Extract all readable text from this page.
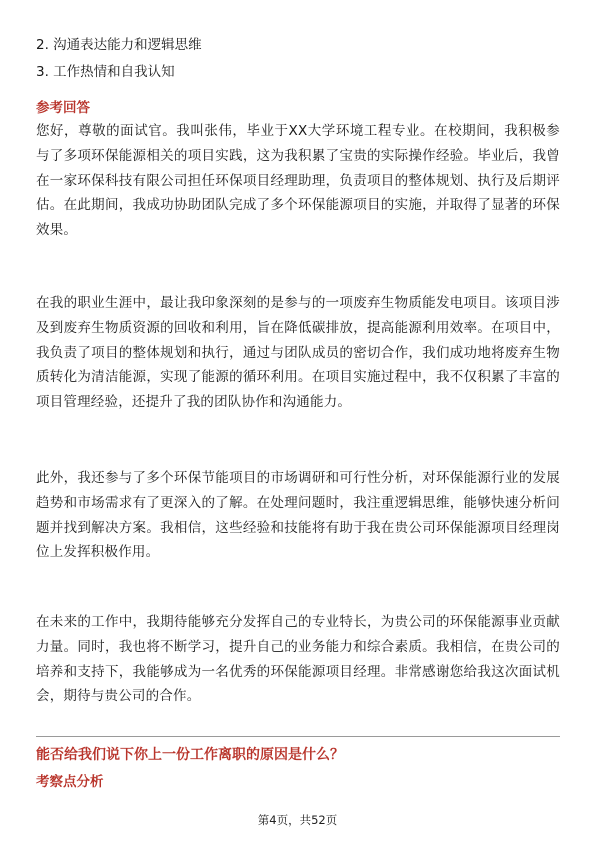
2. 沟通表达能力和逻辑思维
3. 工作热情和自我认知
参考回答
您好，尊敬的面试官。我叫张伟，毕业于XX大学环境工程专业。在校期间，我积极参与了多项环保能源相关的项目实践，这为我积累了宝贵的实际操作经验。毕业后，我曾在一家环保科技有限公司担任环保项目经理助理，负责项目的整体规划、执行及后期评估。在此期间，我成功协助团队完成了多个环保能源项目的实施，并取得了显著的环保效果。
在我的职业生涯中，最让我印象深刻的是参与的一项废弃生物质能发电项目。该项目涉及到废弃生物质资源的回收和利用，旨在降低碳排放，提高能源利用效率。在项目中，我负责了项目的整体规划和执行，通过与团队成员的密切合作，我们成功地将废弃生物质转化为清洁能源，实现了能源的循环利用。在项目实施过程中，我不仅积累了丰富的项目管理经验，还提升了我的团队协作和沟通能力。
此外，我还参与了多个环保节能项目的市场调研和可行性分析，对环保能源行业的发展趋势和市场需求有了更深入的了解。在处理问题时，我注重逻辑思维，能够快速分析问题并找到解决方案。我相信，这些经验和技能将有助于我在贵公司环保能源项目经理岗位上发挥积极作用。
在未来的工作中，我期待能够充分发挥自己的专业特长，为贵公司的环保能源事业贡献力量。同时，我也将不断学习，提升自己的业务能力和综合素质。我相信，在贵公司的培养和支持下，我能够成为一名优秀的环保能源项目经理。非常感谢您给我这次面试机会，期待与贵公司的合作。
能否给我们说下你上一份工作离职的原因是什么？
考察点分析
第4页，共52页
